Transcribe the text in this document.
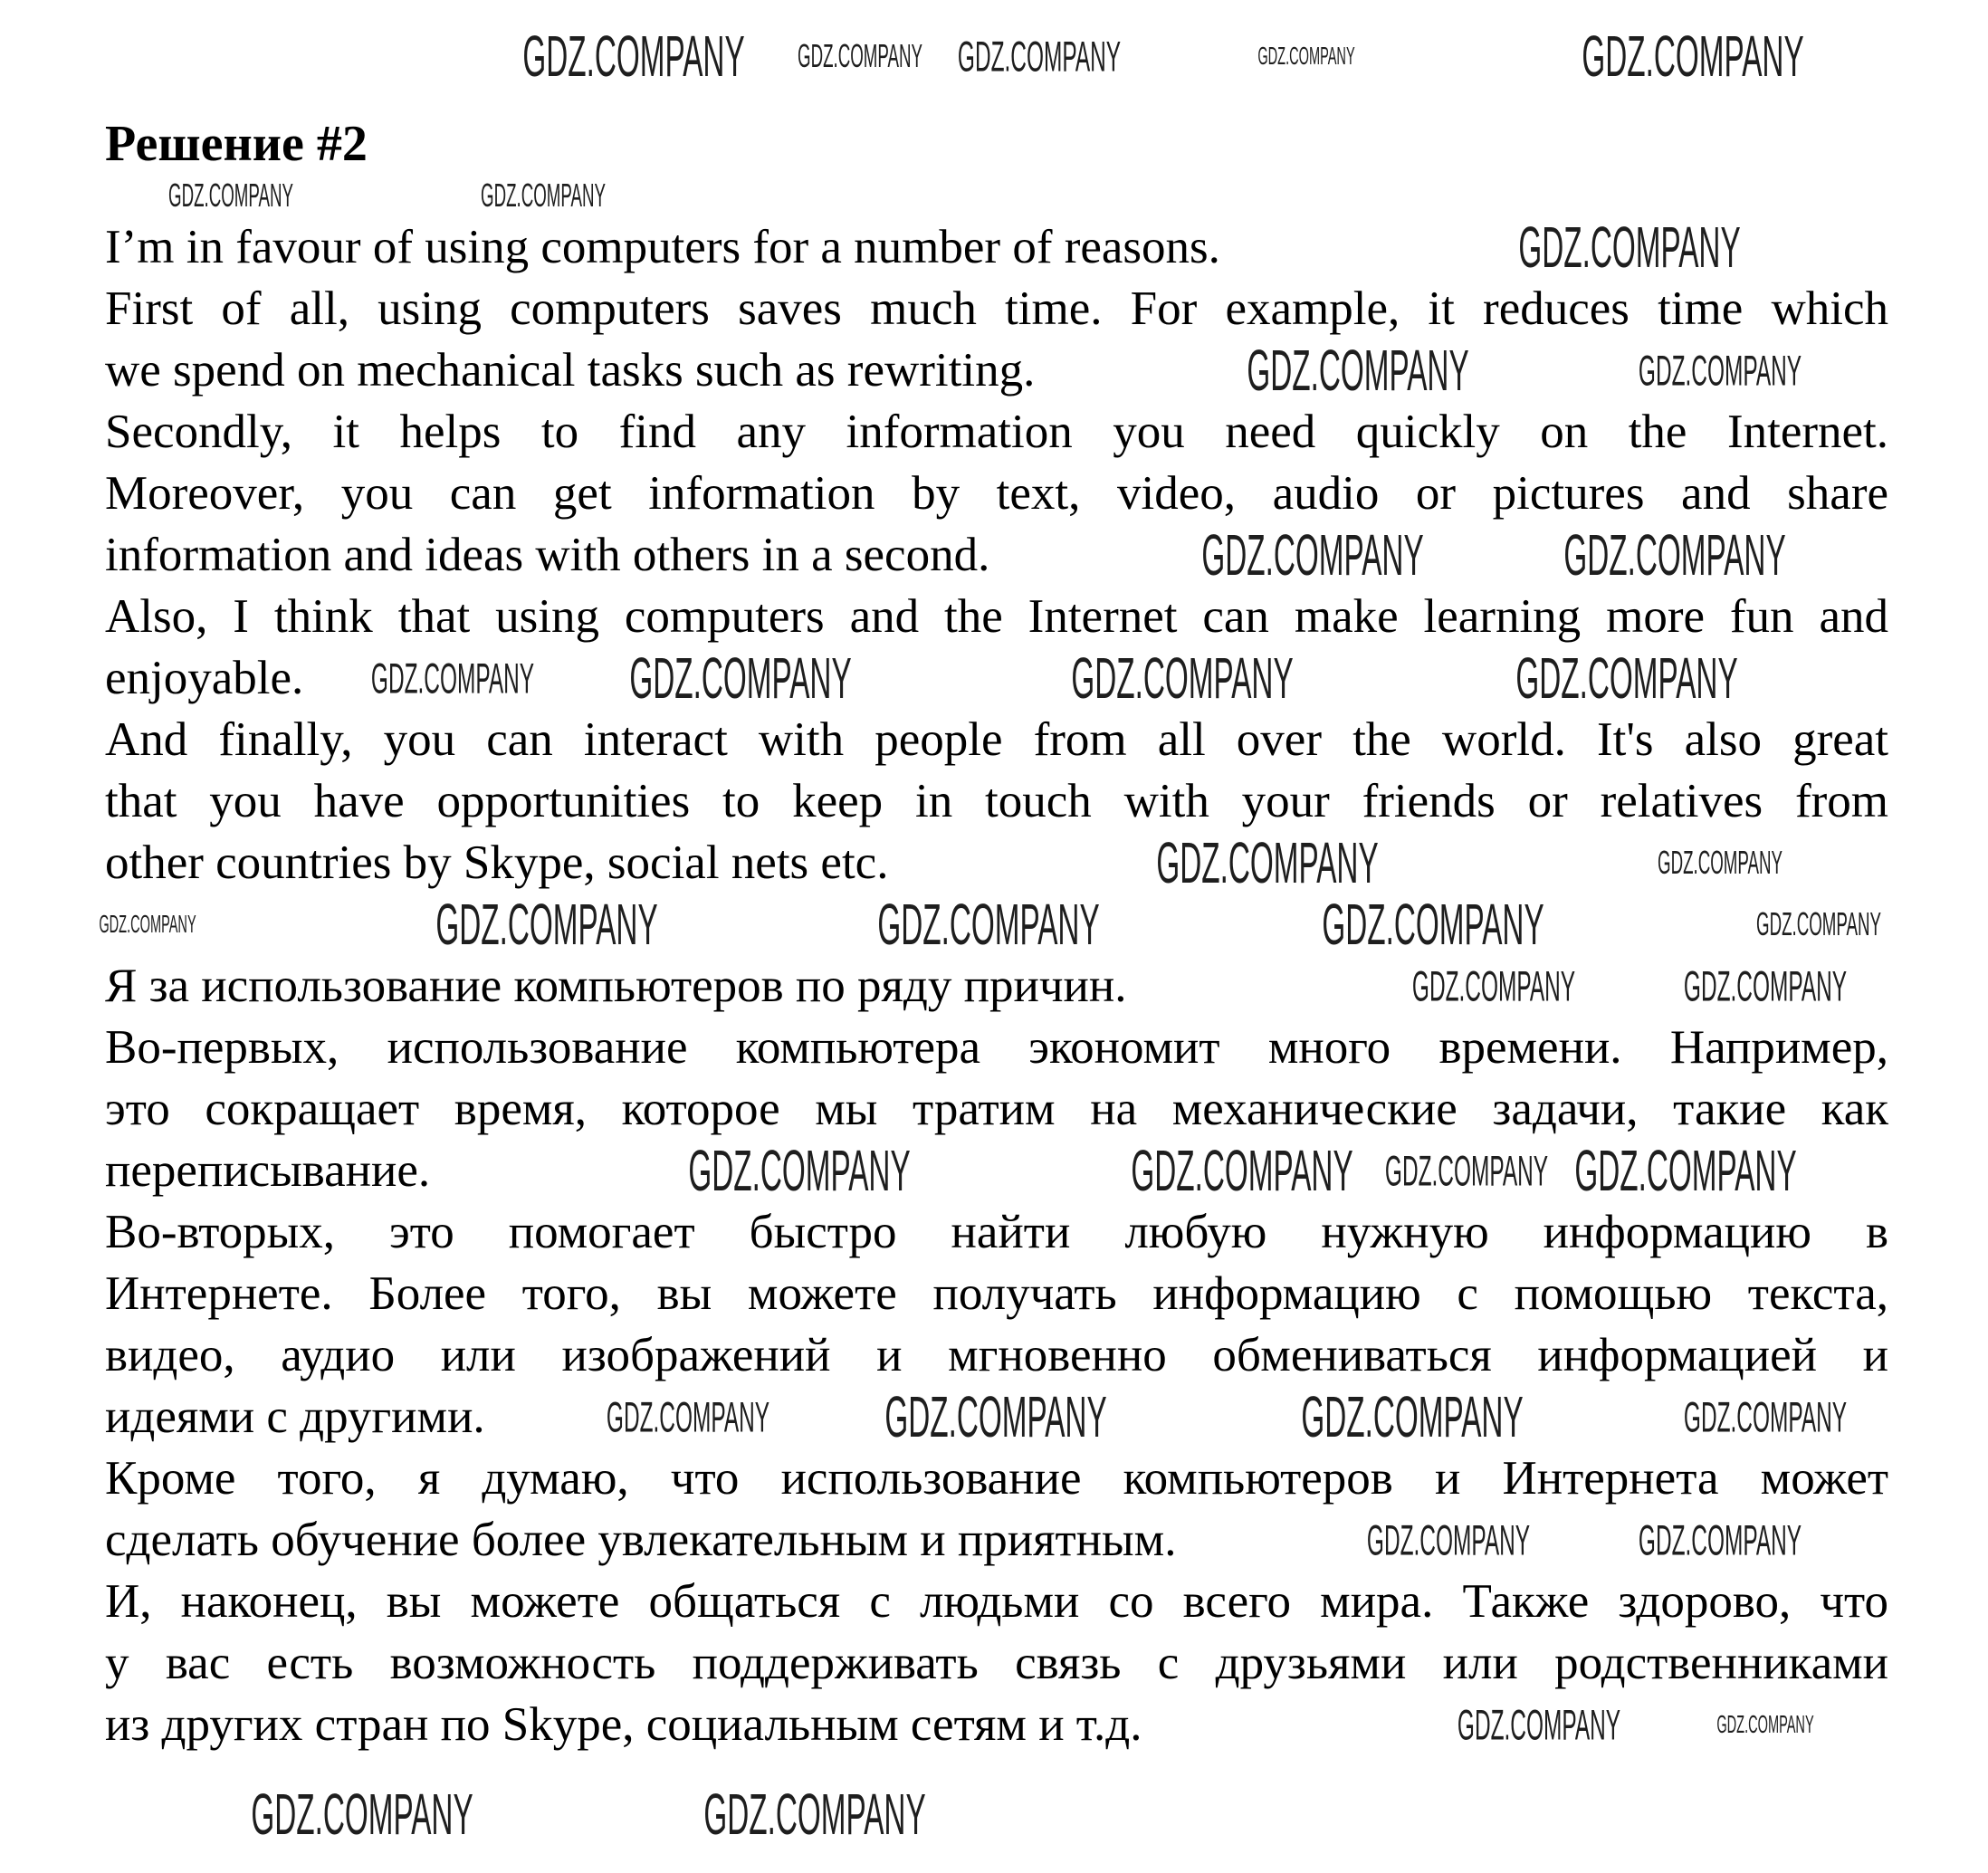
Решение #2

I’m in favour of using computers for a number of reasons.

First of all, using computers saves much time. For example, it reduces time which
we spend on mechanical tasks such as rewriting.

Secondly, it helps to find any information you need quickly on the Internet.
Moreover, you can get information by text, video, audio or pictures and share
information and ideas with others in a second.

Also, I think that using computers and the Internet can make learning more fun and
enjoyable.

And finally, you can interact with people from all over the world. It's also great
that you have opportunities to keep in touch with your friends or relatives from
other countries by Skype, social nets etc.

Я за использование компьютеров по ряду причин.

Во-первых, использование компьютера экономит много времени. Например,
это сокращает время, которое мы тратим на механические задачи, такие как
переписывание.

Во-вторых, это помогает быстро найти любую нужную информацию в
Интернете. Более того, вы можете получать информацию с помощью текста,
видео, аудио или изображений и мгновенно обмениваться информацией и
идеями с другими.

Кроме того, я думаю, что использование компьютеров и Интернета может
сделать обучение более увлекательным и приятным.

И, наконец, вы можете общаться с людьми со всего мира. Также здорово, что
у вас есть возможность поддерживать связь с друзьями или родственниками
из других стран по Skype, социальным сетям и т.д.

GDZ.COMPANY GDZ.COMPANY GDZ.COMPANY	GDZ.COMPANY	GDZ.COMPANY
GDZ.COMPANY	GDZ.COMPANY
GDZ.COMPANY
GDZ.COMPANY	GDZ.COMPANY
GDZ.COMPANY GDZ.COMPANY
GDZ.COMPANY GDZ.COMPANY	GDZ.COMPANY	GDZ.COMPANY
GDZ.COMPANY	GDZ.COMPANY
GDZ.COMPANY	GDZ.COMPANY	GDZ.COMPANY	GDZ.COMPANY	GDZ.COMPANY
GDZ.COMPANY	GDZ.COMPANY
GDZ.COMPANY	GDZ.COMPANY GDZ.COMPANY GDZ.COMPANY
GDZ.COMPANY GDZ.COMPANY	GDZ.COMPANY	GDZ.COMPANY
GDZ.COMPANY	GDZ.COMPANY
GDZ.COMPANY	GDZ.COMPANY
GDZ.COMPANY	GDZ.COMPANY
